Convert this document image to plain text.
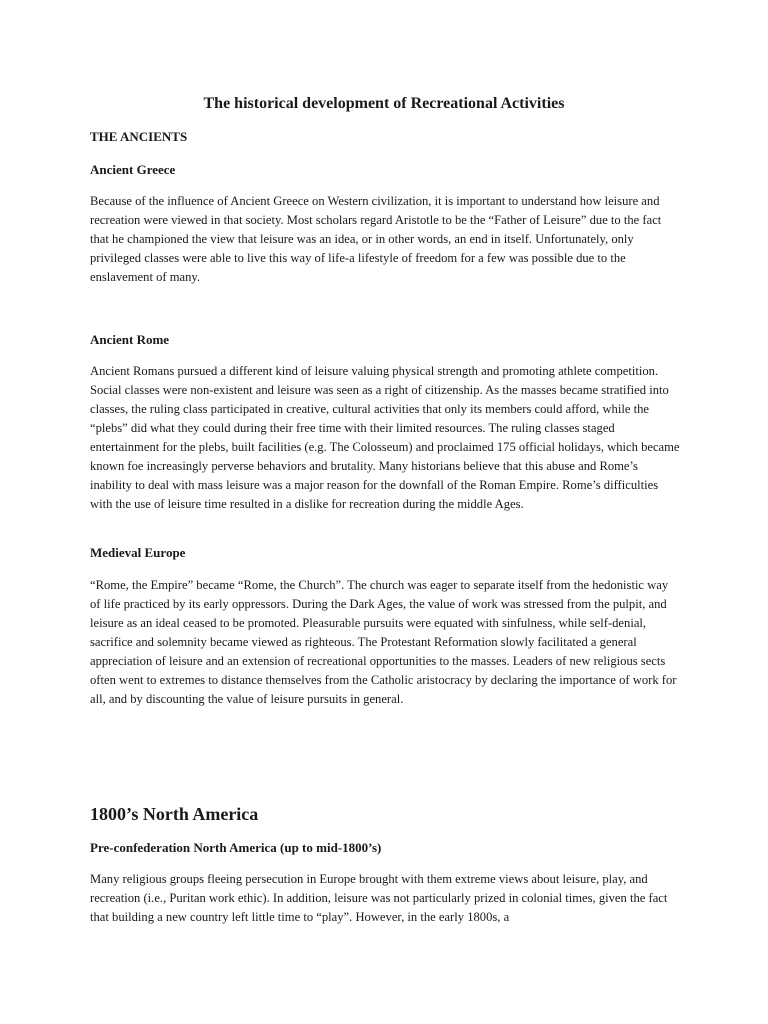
The historical development of Recreational Activities
THE ANCIENTS
Ancient Greece

Because of the influence of Ancient Greece on Western civilization, it is important to understand how leisure and recreation were viewed in that society. Most scholars regard Aristotle to be the “Father of Leisure” due to the fact that he championed the view that leisure was an idea, or in other words, an end in itself. Unfortunately, only privileged classes were able to live this way of life-a lifestyle of freedom for a few was possible due to the enslavement of many.

Ancient Rome

Ancient Romans pursued a different kind of leisure valuing physical strength and promoting athlete competition. Social classes were non-existent and leisure was seen as a right of citizenship. As the masses became stratified into classes, the ruling class participated in creative, cultural activities that only its members could afford, while the “plebs” did what they could during their free time with their limited resources. The ruling classes staged entertainment for the plebs, built facilities (e.g. The Colosseum) and proclaimed 175 official holidays, which became known foe increasingly perverse behaviors and brutality. Many historians believe that this abuse and Rome’s inability to deal with mass leisure was a major reason for the downfall of the Roman Empire. Rome’s difficulties with the use of leisure time resulted in a dislike for recreation during the middle Ages.

Medieval Europe

“Rome, the Empire” became “Rome, the Church”. The church was eager to separate itself from the hedonistic way of life practiced by its early oppressors. During the Dark Ages, the value of work was stressed from the pulpit, and leisure as an ideal ceased to be promoted. Pleasurable pursuits were equated with sinfulness, while self-denial, sacrifice and solemnity became viewed as righteous. The Protestant Reformation slowly facilitated a general appreciation of leisure and an extension of recreational opportunities to the masses. Leaders of new religious sects often went to extremes to distance themselves from the Catholic aristocracy by declaring the importance of work for all, and by discounting the value of leisure pursuits in general.

1800’s North America
Pre-confederation North America (up to mid-1800’s)

Many religious groups fleeing persecution in Europe brought with them extreme views about leisure, play, and recreation (i.e., Puritan work ethic). In addition, leisure was not particularly prized in colonial times, given the fact that building a new country left little time to “play”. However, in the early 1800s, a
